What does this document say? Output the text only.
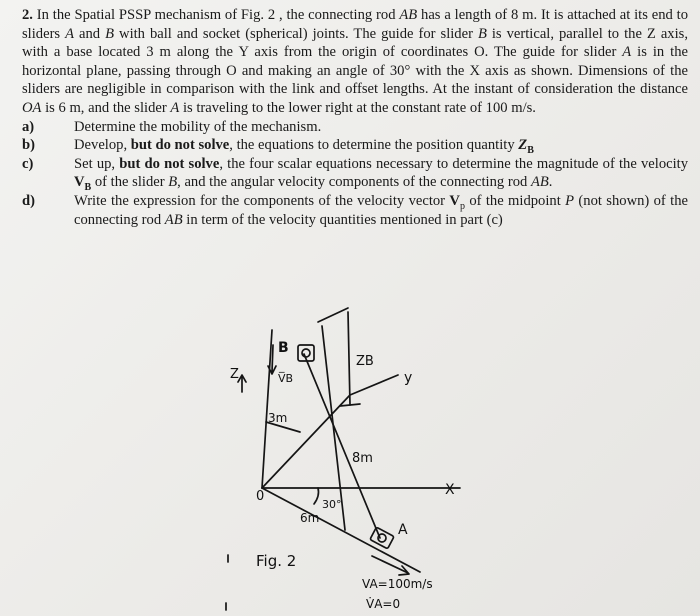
2. In the Spatial PSSP mechanism of Fig. 2 , the connecting rod AB has a length of 8 m. It is attached at its end to sliders A and B with ball and socket (spherical) joints. The guide for slider B is vertical, parallel to the Z axis, with a base located 3 m along the Y axis from the origin of coordinates O. The guide for slider A is in the horizontal plane, passing through O and making an angle of 30° with the X axis as shown. Dimensions of the sliders are negligible in comparison with the link and offset lengths. At the instant of consideration the distance OA is 6 m, and the slider A is traveling to the lower right at the constant rate of 100 m/s.

a)	Determine the mobility of the mechanism.
b)	Develop, but do not solve, the equations to determine the position quantity $Z_B$
c)	Set up, but do not solve, the four scalar equations necessary to determine the magnitude of the velocity $V_B$ of the slider B, and the angular velocity components of the connecting rod AB.
d)	Write the expression for the components of the velocity vector $V_p$ of the midpoint P (not shown) of the connecting rod AB in term of the velocity quantities mentioned in part (c)
Z
B
V̅B
ZB
y
3m
8m
0	X
30°
6m
A
Fig. 2
VA=100m/s
V̇A=0
